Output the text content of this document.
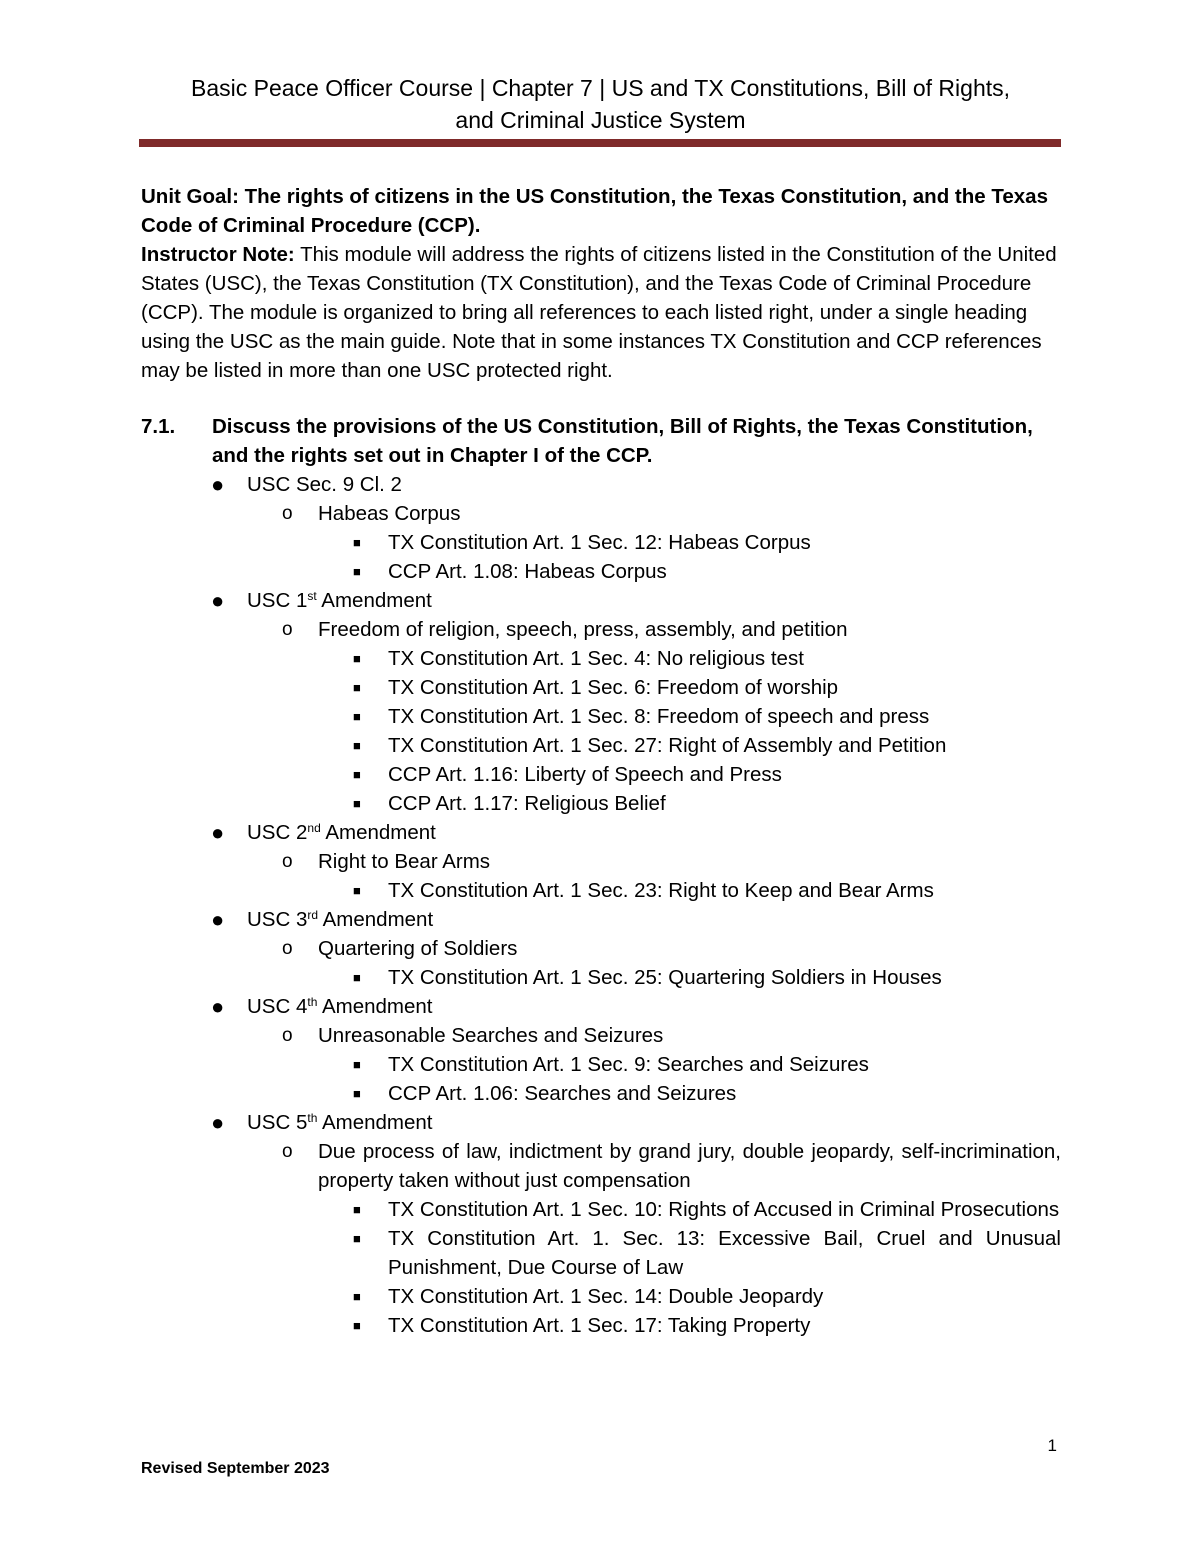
Basic Peace Officer Course | Chapter 7 | US and TX Constitutions, Bill of Rights,
and Criminal Justice System

Unit Goal: The rights of citizens in the US Constitution, the Texas Constitution, and the Texas Code of Criminal Procedure (CCP).

Instructor Note: This module will address the rights of citizens listed in the Constitution of the United States (USC), the Texas Constitution (TX Constitution), and the Texas Code of Criminal Procedure (CCP). The module is organized to bring all references to each listed right, under a single heading using the USC as the main guide. Note that in some instances TX Constitution and CCP references may be listed in more than one USC protected right.

7.1.	Discuss the provisions of the US Constitution, Bill of Rights, the Texas Constitution, and the rights set out in Chapter I of the CCP.
● USC Sec. 9 Cl. 2
o Habeas Corpus
■ TX Constitution Art. 1 Sec. 12: Habeas Corpus
■ CCP Art. 1.08: Habeas Corpus
● USC 1st Amendment
o Freedom of religion, speech, press, assembly, and petition
■ TX Constitution Art. 1 Sec. 4: No religious test
■ TX Constitution Art. 1 Sec. 6: Freedom of worship
■ TX Constitution Art. 1 Sec. 8: Freedom of speech and press
■ TX Constitution Art. 1 Sec. 27: Right of Assembly and Petition
■ CCP Art. 1.16: Liberty of Speech and Press
■ CCP Art. 1.17: Religious Belief
● USC 2nd Amendment
o Right to Bear Arms
■ TX Constitution Art. 1 Sec. 23: Right to Keep and Bear Arms
● USC 3rd Amendment
o Quartering of Soldiers
■ TX Constitution Art. 1 Sec. 25: Quartering Soldiers in Houses
● USC 4th Amendment
o Unreasonable Searches and Seizures
■ TX Constitution Art. 1 Sec. 9: Searches and Seizures
■ CCP Art. 1.06: Searches and Seizures
● USC 5th Amendment
o Due process of law, indictment by grand jury, double jeopardy, self-incrimination, property taken without just compensation
■ TX Constitution Art. 1 Sec. 10: Rights of Accused in Criminal Prosecutions
■ TX Constitution Art. 1. Sec. 13: Excessive Bail, Cruel and Unusual Punishment, Due Course of Law
■ TX Constitution Art. 1 Sec. 14: Double Jeopardy
■ TX Constitution Art. 1 Sec. 17: Taking Property
1
Revised September 2023
